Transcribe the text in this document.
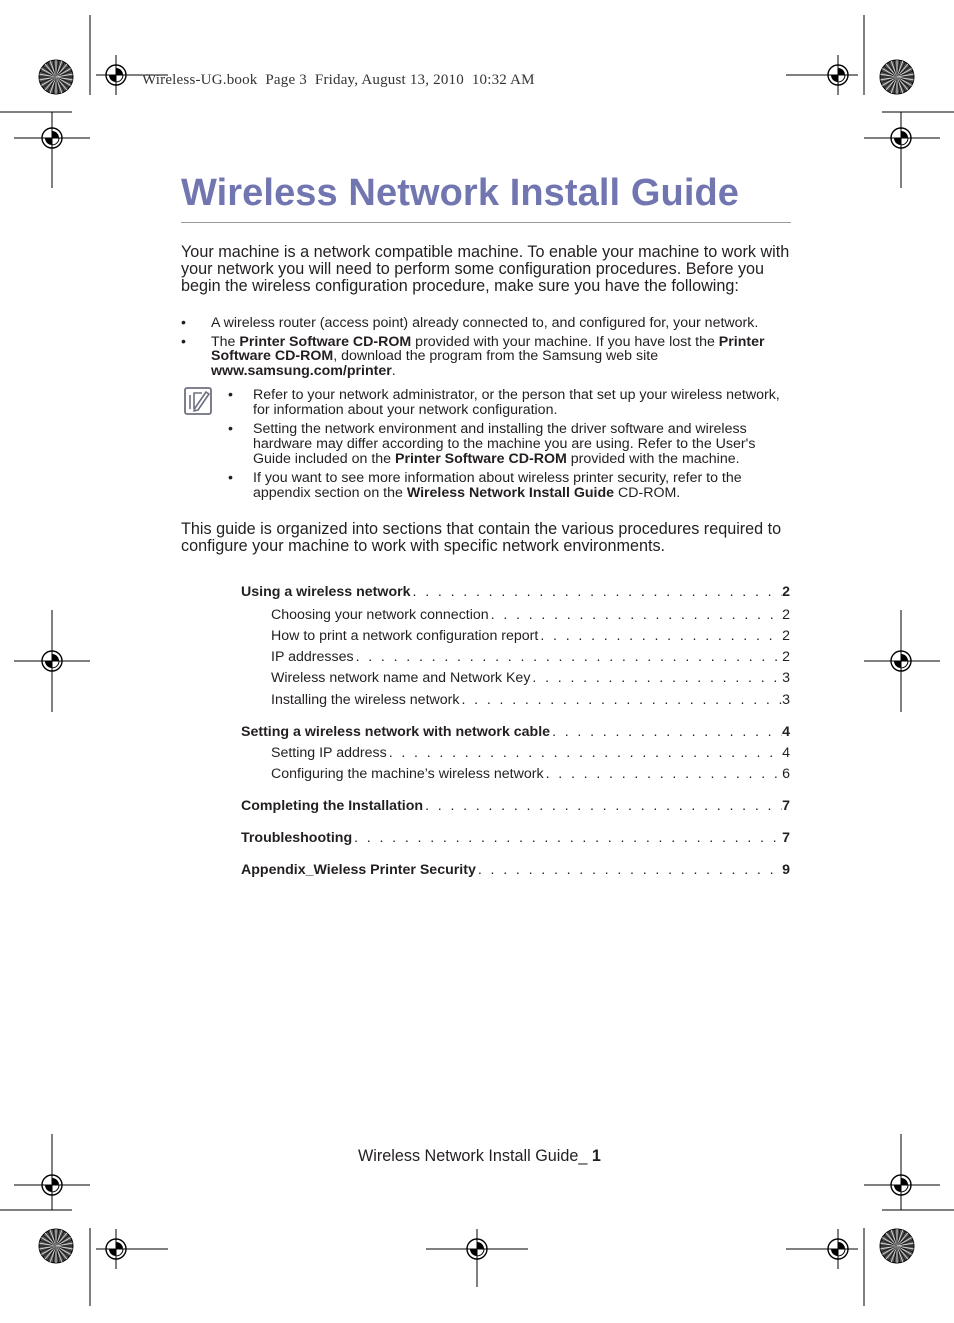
Wireless-UG.book  Page 3  Friday, August 13, 2010  10:32 AM
Wireless Network Install Guide

Your machine is a network compatible machine. To enable your machine to work with your network you will need to perform some configuration procedures. Before you begin the wireless configuration procedure, make sure you have the following:

• A wireless router (access point) already connected to, and configured for, your network.
• The Printer Software CD-ROM provided with your machine. If you have lost the Printer Software CD-ROM, download the program from the Samsung web site www.samsung.com/printer.
• Refer to your network administrator, or the person that set up your wireless network, for information about your network configuration.
• Setting the network environment and installing the driver software and wireless hardware may differ according to the machine you are using. Refer to the User's Guide included on the Printer Software CD-ROM provided with the machine.
• If you want to see more information about wireless printer security, refer to the appendix section on the Wireless Network Install Guide CD-ROM.

This guide is organized into sections that contain the various procedures required to configure your machine to work with specific network environments.

Using a wireless network . . .	2
Choosing your network connection . . .	2
How to print a network configuration report . . .	2
IP addresses . . .	2
Wireless network name and Network Key . . .	3
Installing the wireless network . . .	3
Setting a wireless network with network cable . . .	4
Setting IP address . . .	4
Configuring the machine’s wireless network . . .	6
Completing the Installation . . .	7
Troubleshooting . . .	7
Appendix_Wieless Printer Security . . .	9
Wireless Network Install Guide_ 1
